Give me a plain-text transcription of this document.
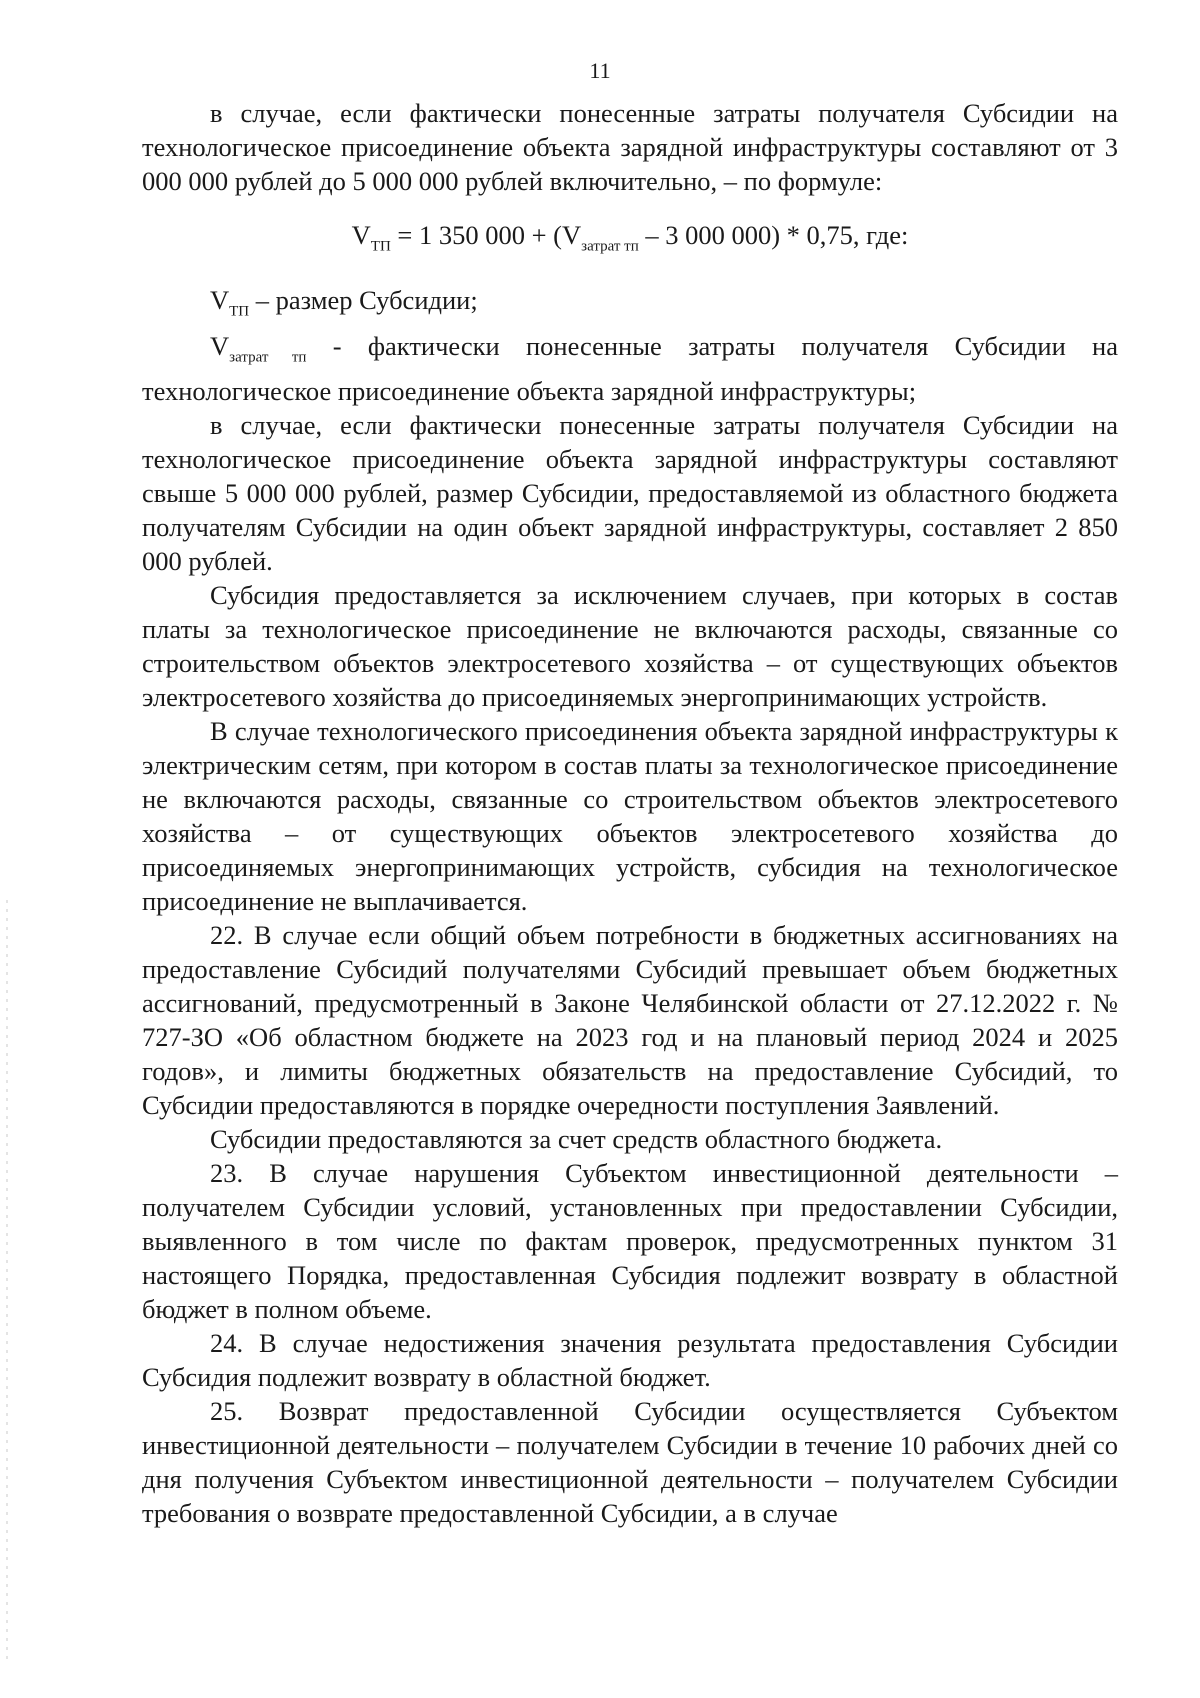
11

в случае, если фактически понесенные затраты получателя Субсидии на технологическое присоединение объекта зарядной инфраструктуры составляют от 3 000 000 рублей до 5 000 000 рублей включительно, – по формуле:

$V_{ТП} = 1$ 350 $000 + (V_{затрат тп} - 3$ 000 000) * 0,75, где:

$V_{ТП}$ – размер Субсидии;

$V_{затрат тп}$ - фактически понесенные затраты получателя Субсидии на технологическое присоединение объекта зарядной инфраструктуры;

в случае, если фактически понесенные затраты получателя Субсидии на технологическое присоединение объекта зарядной инфраструктуры составляют свыше 5 000 000 рублей, размер Субсидии, предоставляемой из областного бюджета получателям Субсидии на один объект зарядной инфраструктуры, составляет 2 850 000 рублей.

Субсидия предоставляется за исключением случаев, при которых в состав платы за технологическое присоединение не включаются расходы, связанные со строительством объектов электросетевого хозяйства – от существующих объектов электросетевого хозяйства до присоединяемых энергопринимающих устройств.

В случае технологического присоединения объекта зарядной инфраструктуры к электрическим сетям, при котором в состав платы за технологическое присоединение не включаются расходы, связанные со строительством объектов электросетевого хозяйства – от существующих объектов электросетевого хозяйства до присоединяемых энергопринимающих устройств, субсидия на технологическое присоединение не выплачивается.

22. В случае если общий объем потребности в бюджетных ассигнованиях на предоставление Субсидий получателями Субсидий превышает объем бюджетных ассигнований, предусмотренный в Законе Челябинской области от 27.12.2022 г. № 727-ЗО «Об областном бюджете на 2023 год и на плановый период 2024 и 2025 годов», и лимиты бюджетных обязательств на предоставление Субсидий, то Субсидии предоставляются в порядке очередности поступления Заявлений.

Субсидии предоставляются за счет средств областного бюджета.

23. В случае нарушения Субъектом инвестиционной деятельности – получателем Субсидии условий, установленных при предоставлении Субсидии, выявленного в том числе по фактам проверок, предусмотренных пунктом 31 настоящего Порядка, предоставленная Субсидия подлежит возврату в областной бюджет в полном объеме.

24. В случае недостижения значения результата предоставления Субсидии Субсидия подлежит возврату в областной бюджет.

25. Возврат предоставленной Субсидии осуществляется Субъектом инвестиционной деятельности – получателем Субсидии в течение 10 рабочих дней со дня получения Субъектом инвестиционной деятельности – получателем Субсидии требования о возврате предоставленной Субсидии, а в случае
